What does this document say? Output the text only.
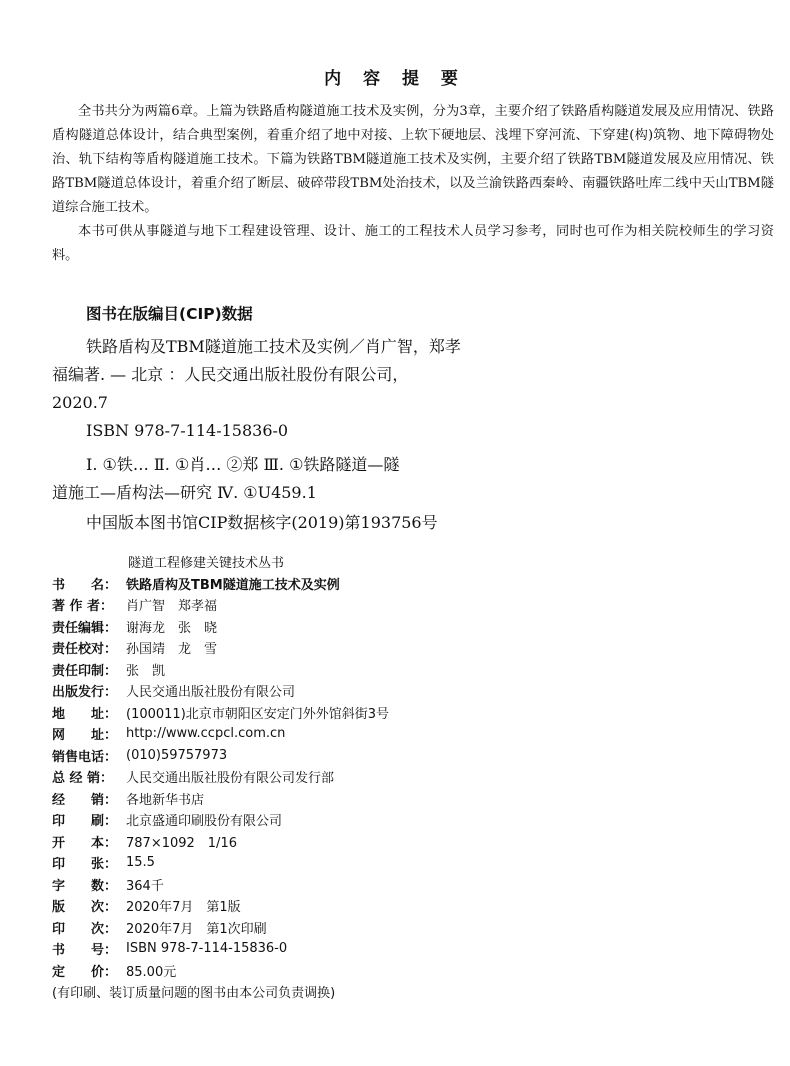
内 容 提 要

全书共分为两篇6章。上篇为铁路盾构隧道施工技术及实例，分为3章，主要介绍了铁路盾构隧道发展及应用情况、铁路盾构隧道总体设计，结合典型案例，着重介绍了地中对接、上软下硬地层、浅埋下穿河流、下穿建(构)筑物、地下障碍物处治、轨下结构等盾构隧道施工技术。下篇为铁路TBM隧道施工技术及实例，主要介绍了铁路TBM隧道发展及应用情况、铁路TBM隧道总体设计，着重介绍了断层、破碎带段TBM处治技术，以及兰渝铁路西秦岭、南疆铁路吐库二线中天山TBM隧道综合施工技术。

本书可供从事隧道与地下工程建设管理、设计、施工的工程技术人员学习参考，同时也可作为相关院校师生的学习资料。

图书在版编目(CIP)数据
铁路盾构及TBM隧道施工技术及实例／肖广智，郑孝
福编著. — 北京 ：人民交通出版社股份有限公司，
2020.7
ISBN 978-7-114-15836-0
Ⅰ. ①铁… Ⅱ. ①肖… ②郑 Ⅲ. ①铁路隧道—隧
道施工—盾构法—研究 Ⅳ. ①U459.1
中国版本图书馆CIP数据核字(2019)第193756号
隧道工程修建关键技术丛书
书　　名： 铁路盾构及TBM隧道施工技术及实例
著 作 者： 肖广智　郑孝福
责任编辑： 谢海龙　张　晓
责任校对： 孙国靖　龙　雪
责任印制： 张　凯
出版发行： 人民交通出版社股份有限公司
地　　址： (100011)北京市朝阳区安定门外外馆斜街3号
网　　址： http://www.ccpcl.com.cn
销售电话： (010)59757973
总 经 销： 人民交通出版社股份有限公司发行部
经　　销： 各地新华书店
印　　刷： 北京盛通印刷股份有限公司
开　　本： 787×1092　1/16
印　　张： 15.5
字　　数： 364千
版　　次： 2020年7月　第1版
印　　次： 2020年7月　第1次印刷
书　　号： ISBN 978-7-114-15836-0
定　　价： 85.00元
(有印刷、装订质量问题的图书由本公司负责调换)
